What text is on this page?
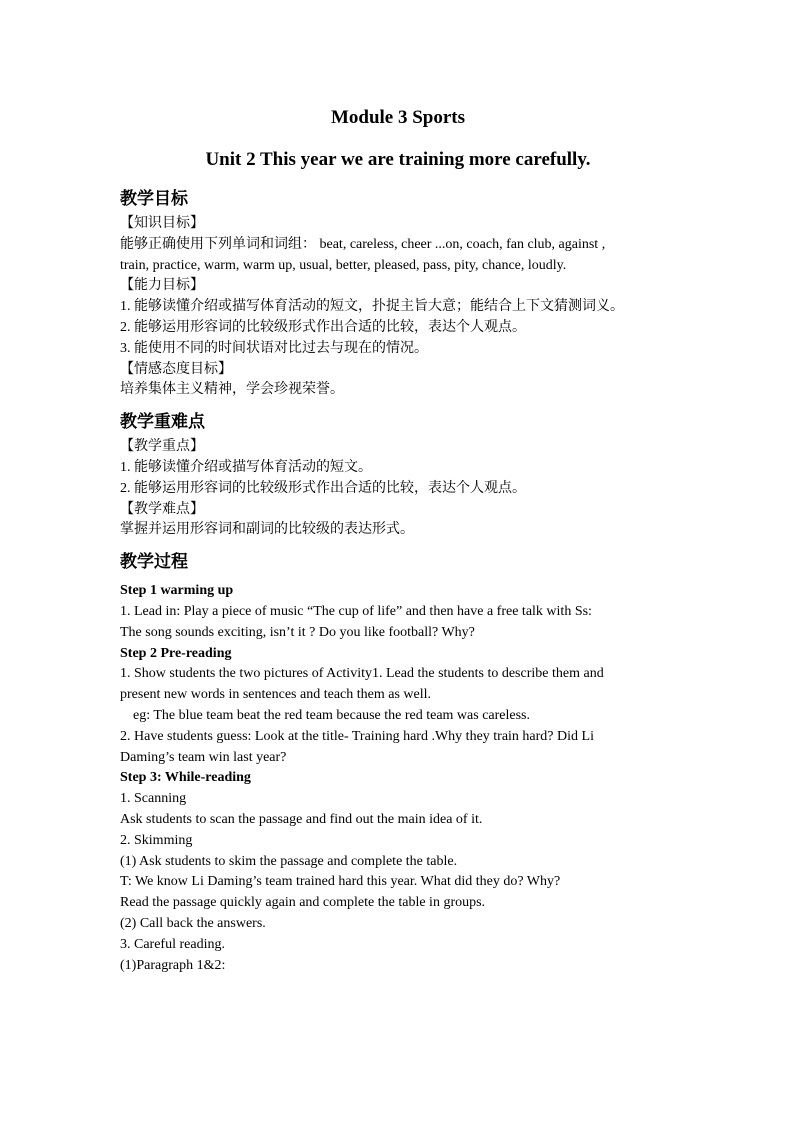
Module 3 Sports

Unit 2 This year we are training more carefully.

教学目标

【知识目标】

能够正确使用下列单词和词组： beat, careless, cheer ...on, coach, fan club, against ,

train, practice, warm, warm up, usual, better, pleased, pass, pity, chance, loudly.

【能力目标】

1. 能够读懂介绍或描写体育活动的短文，扑捉主旨大意；能结合上下文猜测词义。

2. 能够运用形容词的比较级形式作出合适的比较，表达个人观点。

3. 能使用不同的时间状语对比过去与现在的情况。

【情感态度目标】

培养集体主义精神，学会珍视荣誉。

教学重难点

【教学重点】

1. 能够读懂介绍或描写体育活动的短文。

2. 能够运用形容词的比较级形式作出合适的比较，表达个人观点。

【教学难点】

掌握并运用形容词和副词的比较级的表达形式。

教学过程

Step 1 warming up

1. Lead in: Play a piece of music “The cup of life” and then have a free talk with Ss:

The song sounds exciting, isn’t it ? Do you like football? Why?

Step 2 Pre-reading

1. Show students the two pictures of Activity1. Lead the students to describe them and

present new words in sentences and teach them as well.

eg: The blue team beat the red team because the red team was careless.

2. Have students guess: Look at the title- Training hard .Why they train hard? Did Li

Daming’s team win last year?

Step 3: While-reading

1. Scanning

Ask students to scan the passage and find out the main idea of it.

2. Skimming

(1) Ask students to skim the passage and complete the table.

T: We know Li Daming’s team trained hard this year. What did they do? Why?

Read the passage quickly again and complete the table in groups.

(2) Call back the answers.

3. Careful reading.

(1)Paragraph 1&2:
